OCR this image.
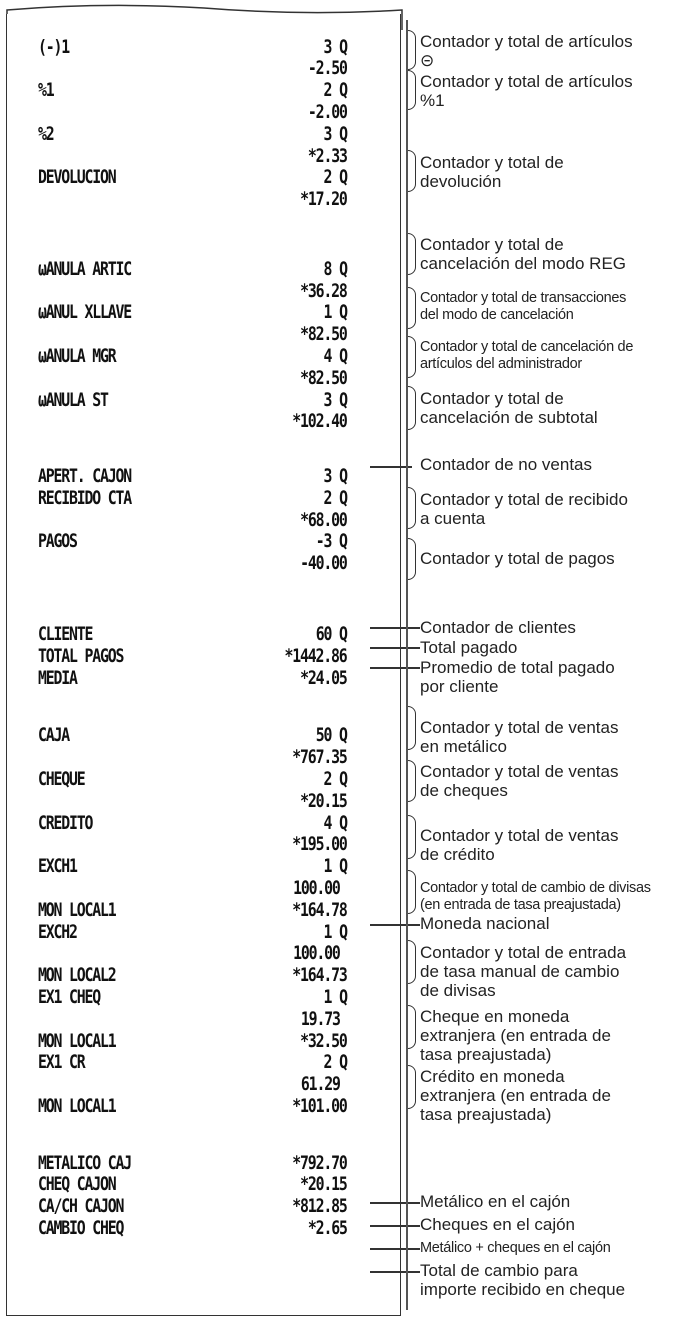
(-)1	3 Q
-2.50
%1	2 Q
-2.00
%2	3 Q
*2.33
DEVOLUCION	2 Q
*17.20
ωANULA ARTIC	8 Q
*36.28
ωANUL XLLAVE	1 Q
*82.50
ωANULA MGR	4 Q
*82.50
ωANULA ST	3 Q
*102.40
APERT. CAJON	3 Q
RECIBIDO CTA	2 Q
*68.00
PAGOS	-3 Q
-40.00
CLIENTE	60 Q
TOTAL PAGOS	*1442.86
MEDIA	*24.05
CAJA	50 Q
*767.35
CHEQUE	2 Q
*20.15
CREDITO	4 Q
*195.00
EXCH1	1 Q
100.00
MON LOCAL1	*164.78
EXCH2	1 Q
100.00
MON LOCAL2	*164.73
EX1 CHEQ	1 Q
19.73
MON LOCAL1	*32.50
EX1 CR	2 Q
61.29
MON LOCAL1	*101.00
METALICO CAJ	*792.70
CHEQ CAJON	*20.15
CA/CH CAJON	*812.85
CAMBIO CHEQ	*2.65
Contador y total de artículos
⊝
Contador y total de artículos
%1
Contador y total de
devolución
Contador y total de
cancelación del modo REG
Contador y total de transacciones
del modo de cancelación
Contador y total de cancelación de
artículos del administrador
Contador y total de
cancelación de subtotal
Contador de no ventas
Contador y total de recibido
a cuenta
Contador y total de pagos
Contador de clientes
Total pagado
Promedio de total pagado
por cliente
Contador y total de ventas
en metálico
Contador y total de ventas
de cheques
Contador y total de ventas
de crédito
Contador y total de cambio de divisas
(en entrada de tasa preajustada)
Moneda nacional
Contador y total de entrada
de tasa manual de cambio
de divisas
Cheque en moneda
extranjera (en entrada de
tasa preajustada)
Crédito en moneda
extranjera (en entrada de
tasa preajustada)
Metálico en el cajón
Cheques en el cajón
Metálico + cheques en el cajón
Total de cambio para
importe recibido en cheque
